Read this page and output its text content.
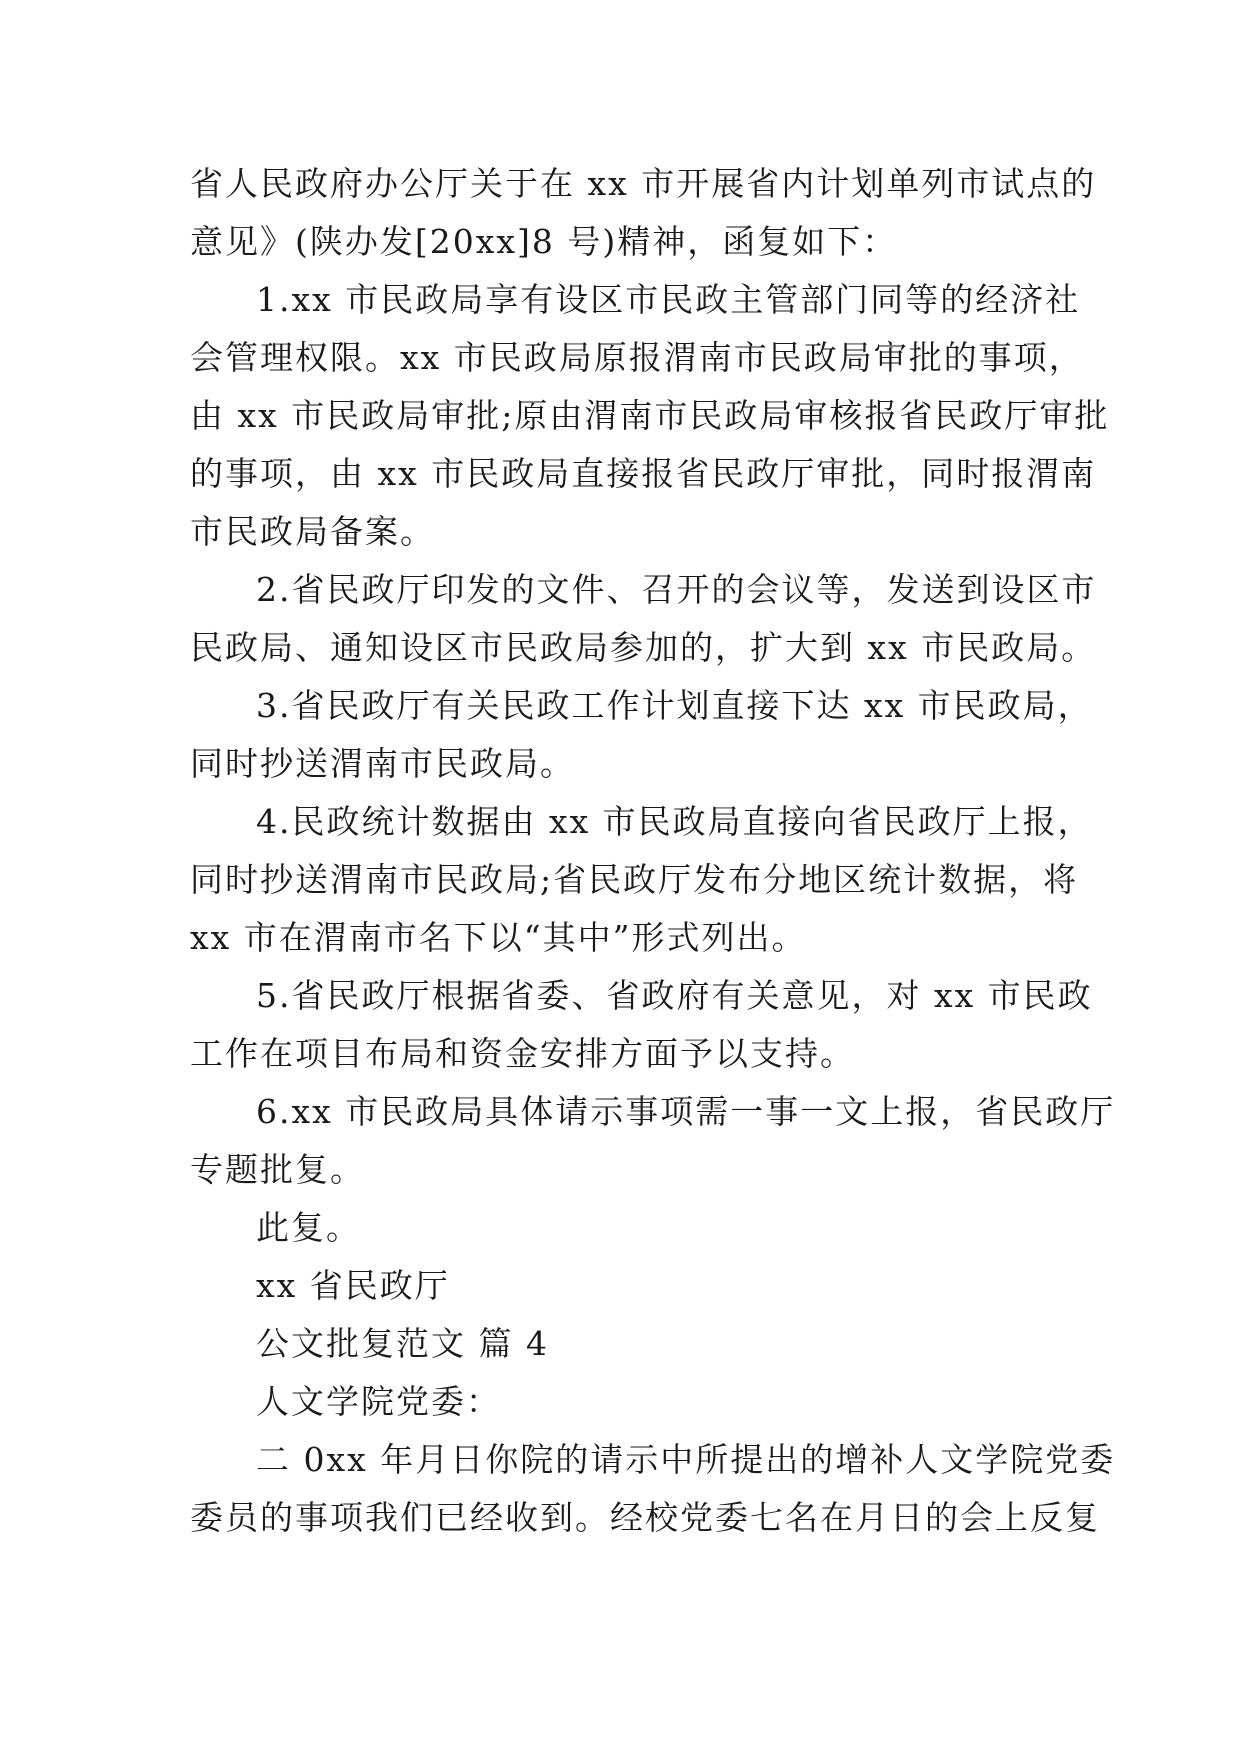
省人民政府办公厅关于在 xx 市开展省内计划单列市试点的

意见》(陕办发[20xx]8 号)精神，函复如下：

1.xx 市民政局享有设区市民政主管部门同等的经济社

会管理权限。xx 市民政局原报渭南市民政局审批的事项，

由 xx 市民政局审批;原由渭南市民政局审核报省民政厅审批

的事项，由 xx 市民政局直接报省民政厅审批，同时报渭南

市民政局备案。

2.省民政厅印发的文件、召开的会议等，发送到设区市

民政局、通知设区市民政局参加的，扩大到 xx 市民政局。

3.省民政厅有关民政工作计划直接下达 xx 市民政局，

同时抄送渭南市民政局。

4.民政统计数据由 xx 市民政局直接向省民政厅上报，

同时抄送渭南市民政局;省民政厅发布分地区统计数据，将

xx 市在渭南市名下以“其中”形式列出。

5.省民政厅根据省委、省政府有关意见，对 xx 市民政

工作在项目布局和资金安排方面予以支持。

6.xx 市民政局具体请示事项需一事一文上报，省民政厅

专题批复。

此复。

xx 省民政厅

公文批复范文 篇 4

人文学院党委：

二 0xx 年月日你院的请示中所提出的增补人文学院党委

委员的事项我们已经收到。经校党委七名在月日的会上反复
